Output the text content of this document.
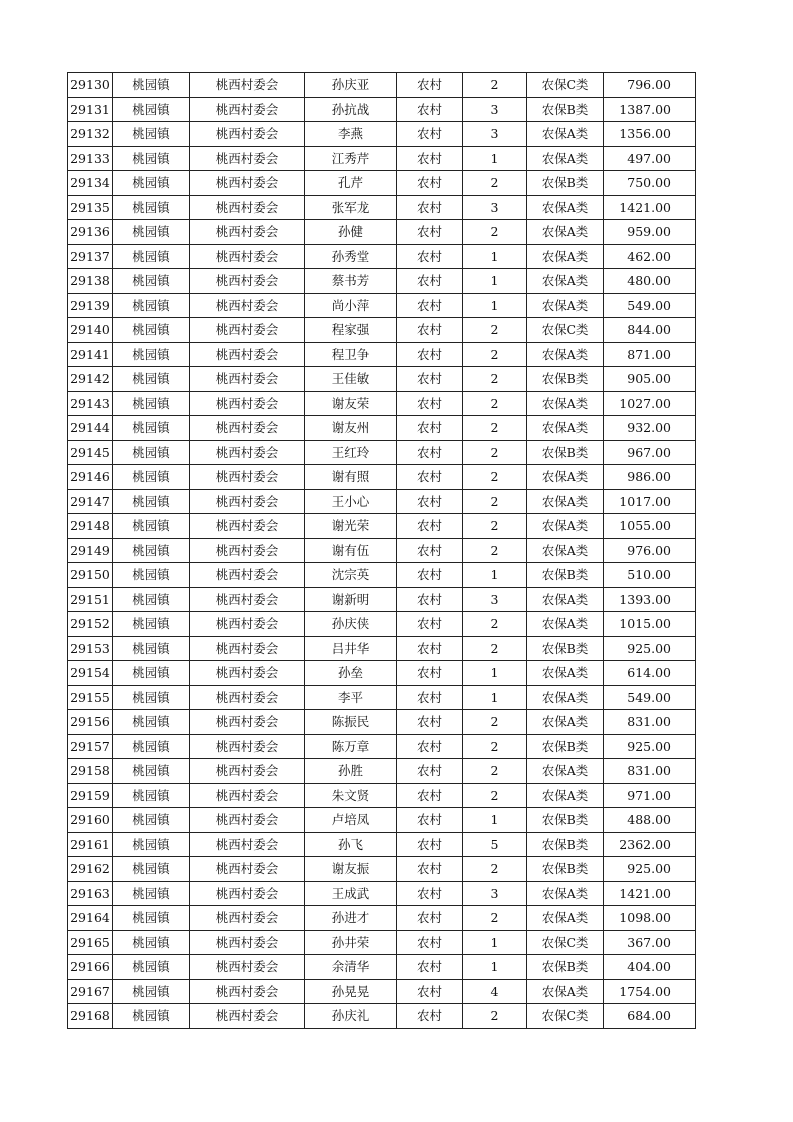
29130	桃园镇	桃西村委会	孙庆亚	农村	2	农保C类	796.00
29131	桃园镇	桃西村委会	孙抗战	农村	3	农保B类	1387.00
29132	桃园镇	桃西村委会	李燕	农村	3	农保A类	1356.00
29133	桃园镇	桃西村委会	江秀芹	农村	1	农保A类	497.00
29134	桃园镇	桃西村委会	孔芹	农村	2	农保B类	750.00
29135	桃园镇	桃西村委会	张军龙	农村	3	农保A类	1421.00
29136	桃园镇	桃西村委会	孙健	农村	2	农保A类	959.00
29137	桃园镇	桃西村委会	孙秀堂	农村	1	农保A类	462.00
29138	桃园镇	桃西村委会	蔡书芳	农村	1	农保A类	480.00
29139	桃园镇	桃西村委会	尚小萍	农村	1	农保A类	549.00
29140	桃园镇	桃西村委会	程家强	农村	2	农保C类	844.00
29141	桃园镇	桃西村委会	程卫争	农村	2	农保A类	871.00
29142	桃园镇	桃西村委会	王佳敏	农村	2	农保B类	905.00
29143	桃园镇	桃西村委会	谢友荣	农村	2	农保A类	1027.00
29144	桃园镇	桃西村委会	谢友州	农村	2	农保A类	932.00
29145	桃园镇	桃西村委会	王红玲	农村	2	农保B类	967.00
29146	桃园镇	桃西村委会	谢有照	农村	2	农保A类	986.00
29147	桃园镇	桃西村委会	王小心	农村	2	农保A类	1017.00
29148	桃园镇	桃西村委会	谢光荣	农村	2	农保A类	1055.00
29149	桃园镇	桃西村委会	谢有伍	农村	2	农保A类	976.00
29150	桃园镇	桃西村委会	沈宗英	农村	1	农保B类	510.00
29151	桃园镇	桃西村委会	谢新明	农村	3	农保A类	1393.00
29152	桃园镇	桃西村委会	孙庆侠	农村	2	农保A类	1015.00
29153	桃园镇	桃西村委会	吕井华	农村	2	农保B类	925.00
29154	桃园镇	桃西村委会	孙垒	农村	1	农保A类	614.00
29155	桃园镇	桃西村委会	李平	农村	1	农保A类	549.00
29156	桃园镇	桃西村委会	陈振民	农村	2	农保A类	831.00
29157	桃园镇	桃西村委会	陈万章	农村	2	农保B类	925.00
29158	桃园镇	桃西村委会	孙胜	农村	2	农保A类	831.00
29159	桃园镇	桃西村委会	朱文贤	农村	2	农保A类	971.00
29160	桃园镇	桃西村委会	卢培凤	农村	1	农保B类	488.00
29161	桃园镇	桃西村委会	孙飞	农村	5	农保B类	2362.00
29162	桃园镇	桃西村委会	谢友振	农村	2	农保B类	925.00
29163	桃园镇	桃西村委会	王成武	农村	3	农保A类	1421.00
29164	桃园镇	桃西村委会	孙进才	农村	2	农保A类	1098.00
29165	桃园镇	桃西村委会	孙井荣	农村	1	农保C类	367.00
29166	桃园镇	桃西村委会	余清华	农村	1	农保B类	404.00
29167	桃园镇	桃西村委会	孙晃晃	农村	4	农保A类	1754.00
29168	桃园镇	桃西村委会	孙庆礼	农村	2	农保C类	684.00
